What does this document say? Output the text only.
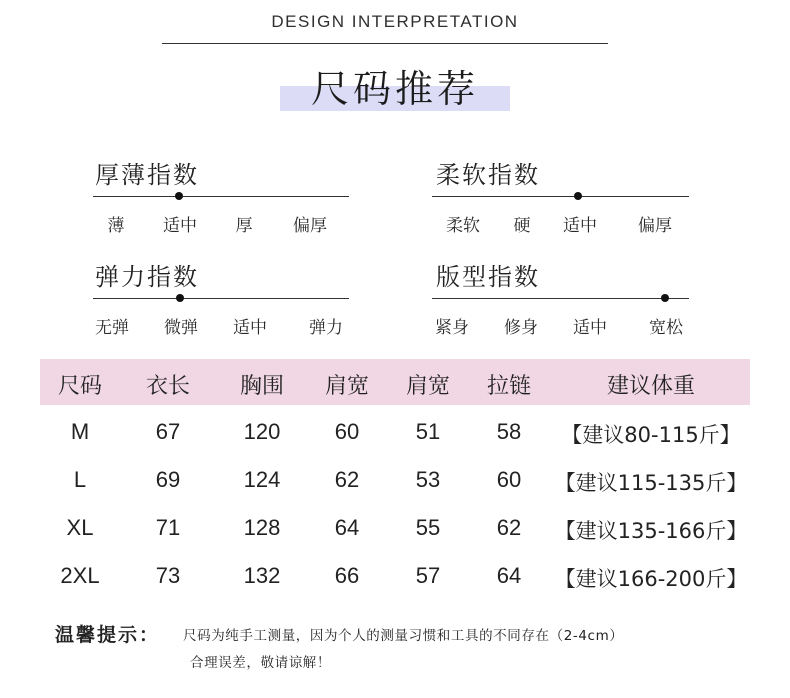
DESIGN INTERPRETATION
尺码推荐
厚薄指数
薄 适中 厚 偏厚
柔软指数
柔软 硬 适中 偏厚
弹力指数
无弹 微弹 适中 弹力
版型指数
紧身 修身 适中 宽松
尺码 衣长 胸围 肩宽 肩宽 拉链	建议体重
M	67	120 60	51	58 【建议80-115斤】
L	69	124 62	53	60 【建议115-135斤】
XL	71	128 64	55	62 【建议135-166斤】
2XL	73	132 66	57	64 【建议166-200斤】
温馨提示： 尺码为纯手工测量，因为个人的测量习惯和工具的不同存在（2-4cm）
合理误差，敬请谅解！
